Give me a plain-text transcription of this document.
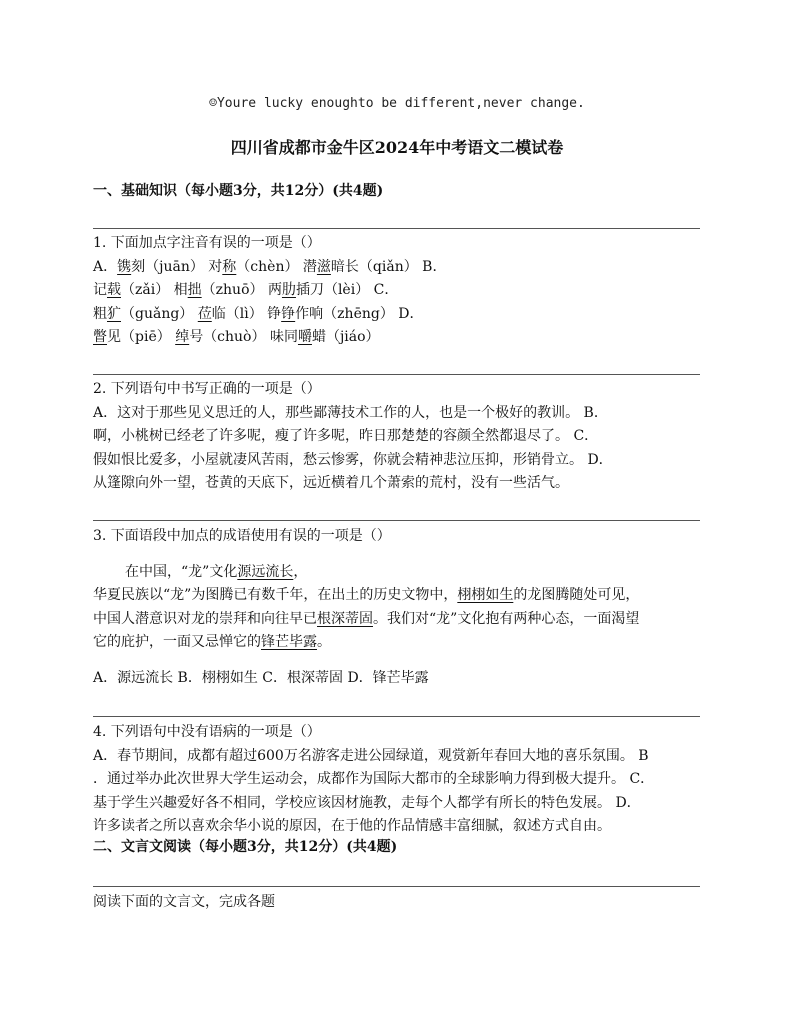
☺Youre lucky enoughto be different,never change.
四川省成都市金牛区2024年中考语文二模试卷
一、基础知识（每小题3分，共12分）(共4题)

1. 下面加点字注音有误的一项是（）

A．镌刻（juān） 对称（chèn） 潜滋暗长（qiǎn） B．

记载（zǎi） 相拙（zhuō） 两肋插刀（lèi） C．

粗犷（guǎng） 莅临（lì） 铮铮作响（zhēng） D．

瞥见（piē） 绰号（chuò） 味同嚼蜡（jiáo）

2. 下列语句中书写正确的一项是（）

A．这对于那些见义思迁的人，那些鄙薄技术工作的人，也是一个极好的教训。 B．

啊，小桃树已经老了许多呢，瘦了许多呢，昨日那楚楚的容颜全然都退尽了。 C．

假如恨比爱多，小屋就凄风苦雨，愁云惨雾，你就会精神悲泣压抑，形销骨立。 D．

从篷隙向外一望，苍黄的天底下，远近横着几个萧索的荒村，没有一些活气。

3. 下面语段中加点的成语使用有误的一项是（）

在中国，“龙”文化源远流长，

华夏民族以“龙”为图腾已有数千年，在出土的历史文物中，栩栩如生的龙图腾随处可见，

中国人潜意识对龙的崇拜和向往早已根深蒂固。我们对“龙”文化抱有两种心态，一面渴望

它的庇护，一面又忌惮它的锋芒毕露。

A．源远流长 B．栩栩如生 C．根深蒂固 D．锋芒毕露

4. 下列语句中没有语病的一项是（）

A．春节期间，成都有超过600万名游客走进公园绿道，观赏新年春回大地的喜乐氛围。 B

．通过举办此次世界大学生运动会，成都作为国际大都市的全球影响力得到极大提升。 C．

基于学生兴趣爱好各不相同，学校应该因材施教，走每个人都学有所长的特色发展。 D．

许多读者之所以喜欢余华小说的原因，在于他的作品情感丰富细腻，叙述方式自由。

二、文言文阅读（每小题3分，共12分）(共4题)

阅读下面的文言文，完成各题
